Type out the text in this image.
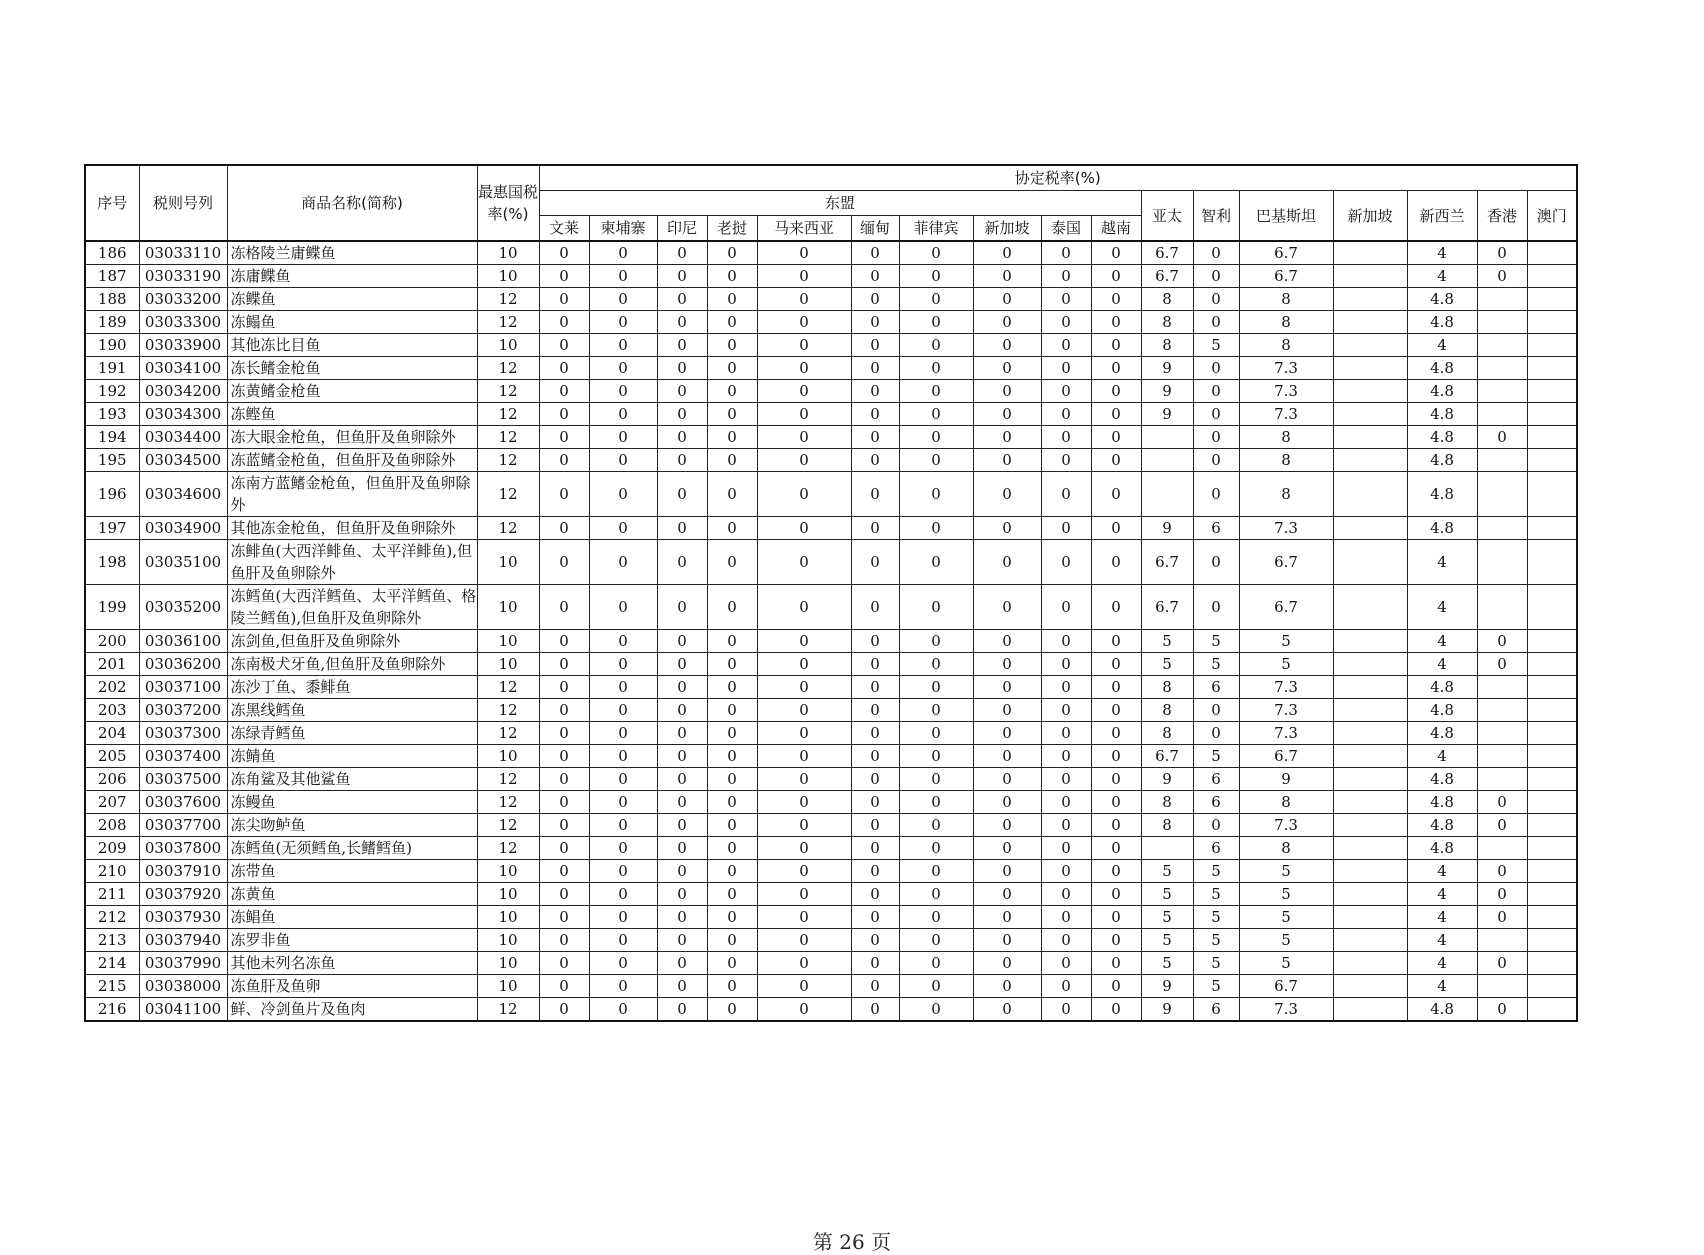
序号	税则号列	商品名称(简称)	最惠国税率(%)	协定税率(%)																
				东盟										亚太	智利	巴基斯坦	新加坡	新西兰	香港	澳门
				文莱	柬埔寨	印尼	老挝	马来西亚	缅甸	菲律宾	新加坡	泰国	越南							
186	03033110	冻格陵兰庸鲽鱼	10	0	0	0	0	0	0	0	0	0	0	6.7	0	6.7		4	0	
187	03033190	冻庸鲽鱼	10	0	0	0	0	0	0	0	0	0	0	6.7	0	6.7		4	0	
188	03033200	冻鲽鱼	12	0	0	0	0	0	0	0	0	0	0	8	0	8		4.8		
189	03033300	冻鳎鱼	12	0	0	0	0	0	0	0	0	0	0	8	0	8		4.8		
190	03033900	其他冻比目鱼	10	0	0	0	0	0	0	0	0	0	0	8	5	8		4		
191	03034100	冻长鳍金枪鱼	12	0	0	0	0	0	0	0	0	0	0	9	0	7.3		4.8		
192	03034200	冻黄鳍金枪鱼	12	0	0	0	0	0	0	0	0	0	0	9	0	7.3		4.8		
193	03034300	冻鲣鱼	12	0	0	0	0	0	0	0	0	0	0	9	0	7.3		4.8		
194	03034400	冻大眼金枪鱼，但鱼肝及鱼卵除外	12	0	0	0	0	0	0	0	0	0	0		0	8		4.8	0	
195	03034500	冻蓝鳍金枪鱼，但鱼肝及鱼卵除外	12	0	0	0	0	0	0	0	0	0	0		0	8		4.8		
196	03034600	冻南方蓝鳍金枪鱼，但鱼肝及鱼卵除外	12	0	0	0	0	0	0	0	0	0	0		0	8		4.8		
197	03034900	其他冻金枪鱼，但鱼肝及鱼卵除外	12	0	0	0	0	0	0	0	0	0	0	9	6	7.3		4.8		
198	03035100	冻鲱鱼(大西洋鲱鱼、太平洋鲱鱼),但鱼肝及鱼卵除外	10	0	0	0	0	0	0	0	0	0	0	6.7	0	6.7		4		
199	03035200	冻鳕鱼(大西洋鳕鱼、太平洋鳕鱼、格陵兰鳕鱼),但鱼肝及鱼卵除外	10	0	0	0	0	0	0	0	0	0	0	6.7	0	6.7		4		
200	03036100	冻剑鱼,但鱼肝及鱼卵除外	10	0	0	0	0	0	0	0	0	0	0	5	5	5		4	0	
201	03036200	冻南极犬牙鱼,但鱼肝及鱼卵除外	10	0	0	0	0	0	0	0	0	0	0	5	5	5		4	0	
202	03037100	冻沙丁鱼、黍鲱鱼	12	0	0	0	0	0	0	0	0	0	0	8	6	7.3		4.8		
203	03037200	冻黑线鳕鱼	12	0	0	0	0	0	0	0	0	0	0	8	0	7.3		4.8		
204	03037300	冻绿青鳕鱼	12	0	0	0	0	0	0	0	0	0	0	8	0	7.3		4.8		
205	03037400	冻鲭鱼	10	0	0	0	0	0	0	0	0	0	0	6.7	5	6.7		4		
206	03037500	冻角鲨及其他鲨鱼	12	0	0	0	0	0	0	0	0	0	0	9	6	9		4.8		
207	03037600	冻鳗鱼	12	0	0	0	0	0	0	0	0	0	0	8	6	8		4.8	0	
208	03037700	冻尖吻鲈鱼	12	0	0	0	0	0	0	0	0	0	0	8	0	7.3		4.8	0	
209	03037800	冻鳕鱼(无须鳕鱼,长鳍鳕鱼)	12	0	0	0	0	0	0	0	0	0	0		6	8		4.8		
210	03037910	冻带鱼	10	0	0	0	0	0	0	0	0	0	0	5	5	5		4	0	
211	03037920	冻黄鱼	10	0	0	0	0	0	0	0	0	0	0	5	5	5		4	0	
212	03037930	冻鲳鱼	10	0	0	0	0	0	0	0	0	0	0	5	5	5		4	0	
213	03037940	冻罗非鱼	10	0	0	0	0	0	0	0	0	0	0	5	5	5		4		
214	03037990	其他未列名冻鱼	10	0	0	0	0	0	0	0	0	0	0	5	5	5		4	0	
215	03038000	冻鱼肝及鱼卵	10	0	0	0	0	0	0	0	0	0	0	9	5	6.7		4		
216	03041100	鲜、冷剑鱼片及鱼肉	12	0	0	0	0	0	0	0	0	0	0	9	6	7.3		4.8	0	
第 26 页
